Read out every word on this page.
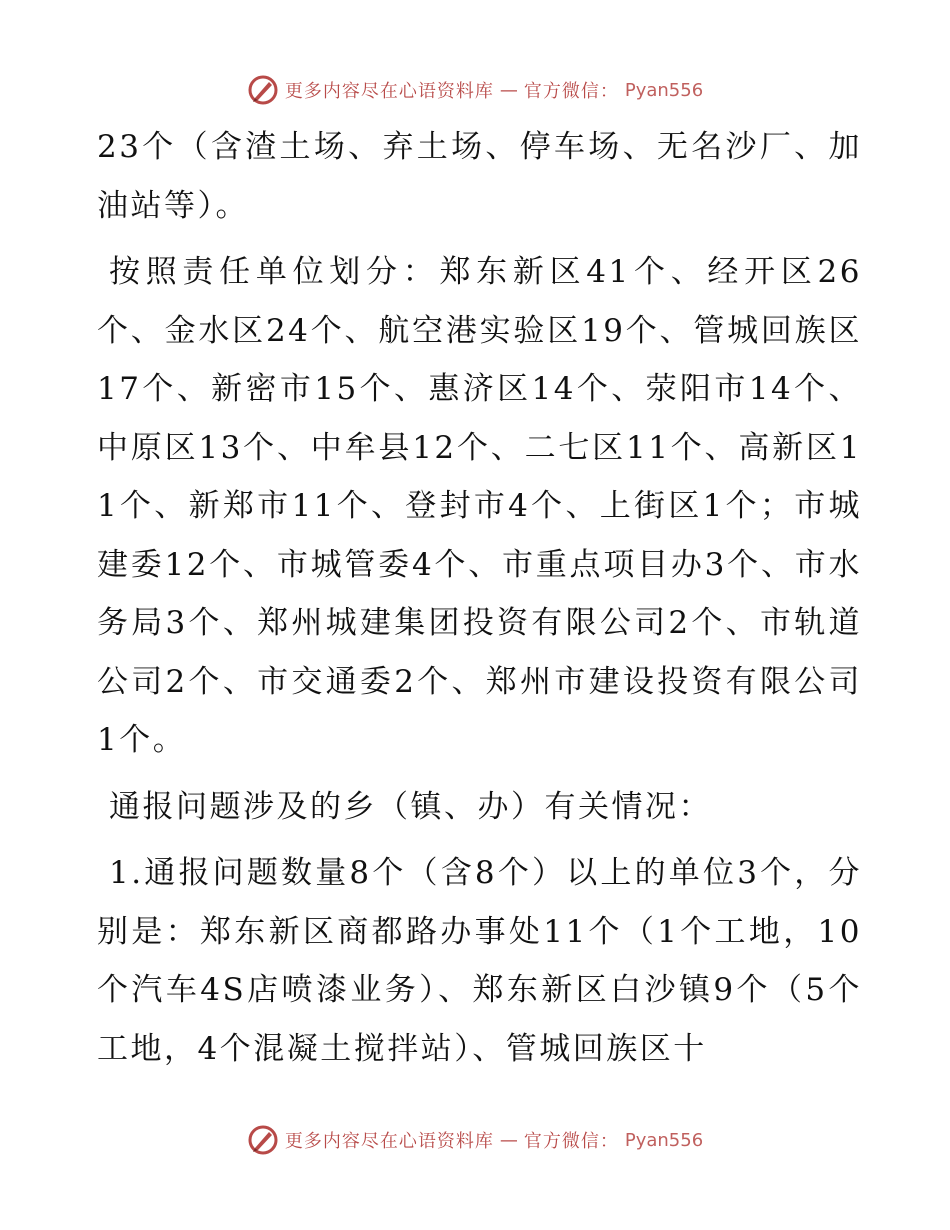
更多内容尽在心语资料库 — 官方微信： Pyan556

23个（含渣土场、弃土场、停车场、无名沙厂、加油站等）。

按照责任单位划分：郑东新区41个、经开区26个、金水区24个、航空港实验区19个、管城回族区17个、新密市15个、惠济区14个、荥阳市14个、中原区13个、中牟县12个、二七区11个、高新区11个、新郑市11个、登封市4个、上街区1个；市城建委12个、市城管委4个、市重点项目办3个、市水务局3个、郑州城建集团投资有限公司2个、市轨道公司2个、市交通委2个、郑州市建设投资有限公司1个。

通报问题涉及的乡（镇、办）有关情况：

1.通报问题数量8个（含8个）以上的单位3个，分别是：郑东新区商都路办事处11个（1个工地，10个汽车4S店喷漆业务）、郑东新区白沙镇9个（5个工地，4个混凝土搅拌站）、管城回族区十

更多内容尽在心语资料库 — 官方微信： Pyan556
